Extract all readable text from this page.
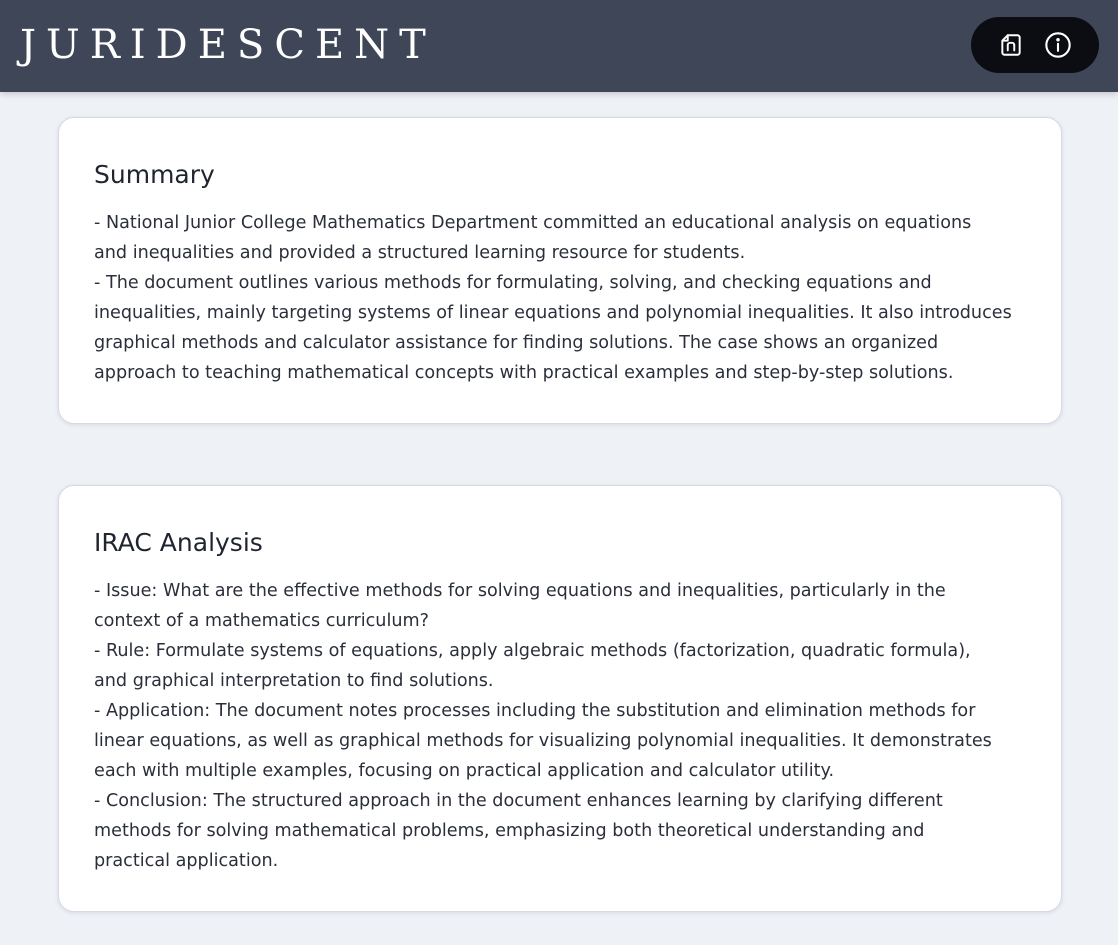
JURIDESCENT
Summary

- National Junior College Mathematics Department committed an educational analysis on equations
and inequalities and provided a structured learning resource for students.
- The document outlines various methods for formulating, solving, and checking equations and
inequalities, mainly targeting systems of linear equations and polynomial inequalities. It also introduces
graphical methods and calculator assistance for finding solutions. The case shows an organized
approach to teaching mathematical concepts with practical examples and step-by-step solutions.

IRAC Analysis

- Issue: What are the effective methods for solving equations and inequalities, particularly in the
context of a mathematics curriculum?
- Rule: Formulate systems of equations, apply algebraic methods (factorization, quadratic formula),
and graphical interpretation to find solutions.
- Application: The document notes processes including the substitution and elimination methods for
linear equations, as well as graphical methods for visualizing polynomial inequalities. It demonstrates
each with multiple examples, focusing on practical application and calculator utility.
- Conclusion: The structured approach in the document enhances learning by clarifying different
methods for solving mathematical problems, emphasizing both theoretical understanding and
practical application.
